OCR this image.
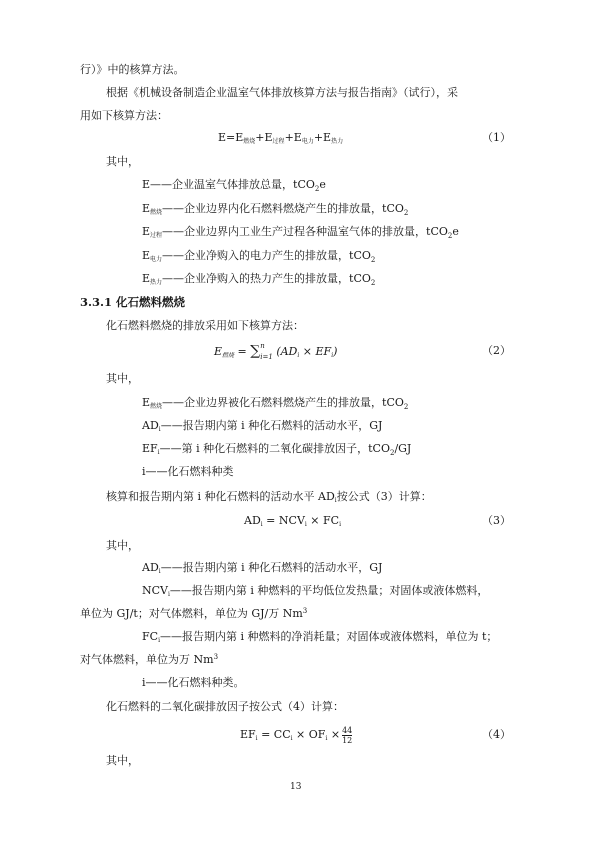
行）》中的核算方法。
根据《机械设备制造企业温室气体排放核算方法与报告指南》（试行），采
用如下核算方法：
E=E燃烧+E过程+E电力+E热力	（1）
其中，
E——企业温室气体排放总量，tCO$_2$e
E燃烧——企业边界内化石燃料燃烧产生的排放量，tCO$_2$
E过程——企业边界内工业生产过程各种温室气体的排放量，tCO$_2$e
E电力——企业净购入的电力产生的排放量，tCO$_2$
E热力——企业净购入的热力产生的排放量，tCO$_2$
3.3.1 化石燃料燃烧
化石燃料燃烧的排放采用如下核算方法：
E燃烧 = ∑ n
i=1 (ADi × EFi)	（2）
其中，
E燃烧——企业边界被化石燃料燃烧产生的排放量，tCO$_2$
ADi——报告期内第 i 种化石燃料的活动水平，GJ
EFi——第 i 种化石燃料的二氧化碳排放因子，tCO$_2$/GJ
i——化石燃料种类
核算和报告期内第 i 种化石燃料的活动水平 ADi按公式（3）计算：
ADi = NCVi × FCi	（3）
其中，
ADi——报告期内第 i 种化石燃料的活动水平，GJ
NCVi——报告期内第 i 种燃料的平均低位发热量；对固体或液体燃料，
单位为 GJ/t；对气体燃料，单位为 GJ/万 Nm$^3$
FCi——报告期内第 i 种燃料的净消耗量；对固体或液体燃料，单位为 t；
对气体燃料，单位为万 Nm$^3$
i——化石燃料种类。
化石燃料的二氧化碳排放因子按公式（4）计算：
EFi = CCi × OFi × $\frac{44}{12}$	（4）
其中，
13
